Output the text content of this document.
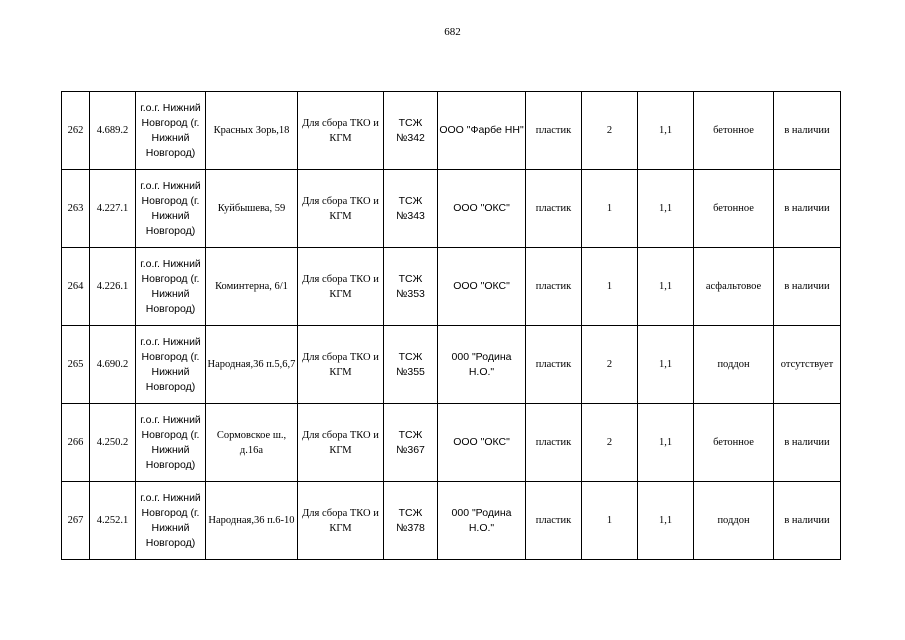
682
262	4.689.2	г.о.г. Нижний Новгород (г. Нижний Новгород)	Красных Зорь,18	Для сбора ТКО и КГМ	ТСЖ №342	ООО "Фарбе НН"	пластик	2	1,1	бетонное	в наличии
263	4.227.1	г.о.г. Нижний Новгород (г. Нижний Новгород)	Куйбышева, 59	Для сбора ТКО и КГМ	ТСЖ №343	ООО "ОКС"	пластик	1	1,1	бетонное	в наличии
264	4.226.1	г.о.г. Нижний Новгород (г. Нижний Новгород)	Коминтерна, 6/1	Для сбора ТКО и КГМ	ТСЖ №353	ООО "ОКС"	пластик	1	1,1	асфальтовое	в наличии
265	4.690.2	г.о.г. Нижний Новгород (г. Нижний Новгород)	Народная,36 п.5,6,7	Для сбора ТКО и КГМ	ТСЖ №355	000 "Родина Н.О."	пластик	2	1,1	поддон	отсутствует
266	4.250.2	г.о.г. Нижний Новгород (г. Нижний Новгород)	Сормовское ш., д.16а	Для сбора ТКО и КГМ	ТСЖ №367	ООО "ОКС"	пластик	2	1,1	бетонное	в наличии
267	4.252.1	г.о.г. Нижний Новгород (г. Нижний Новгород)	Народная,36 п.6-10	Для сбора ТКО и КГМ	ТСЖ №378	000 "Родина Н.О."	пластик	1	1,1	поддон	в наличии
